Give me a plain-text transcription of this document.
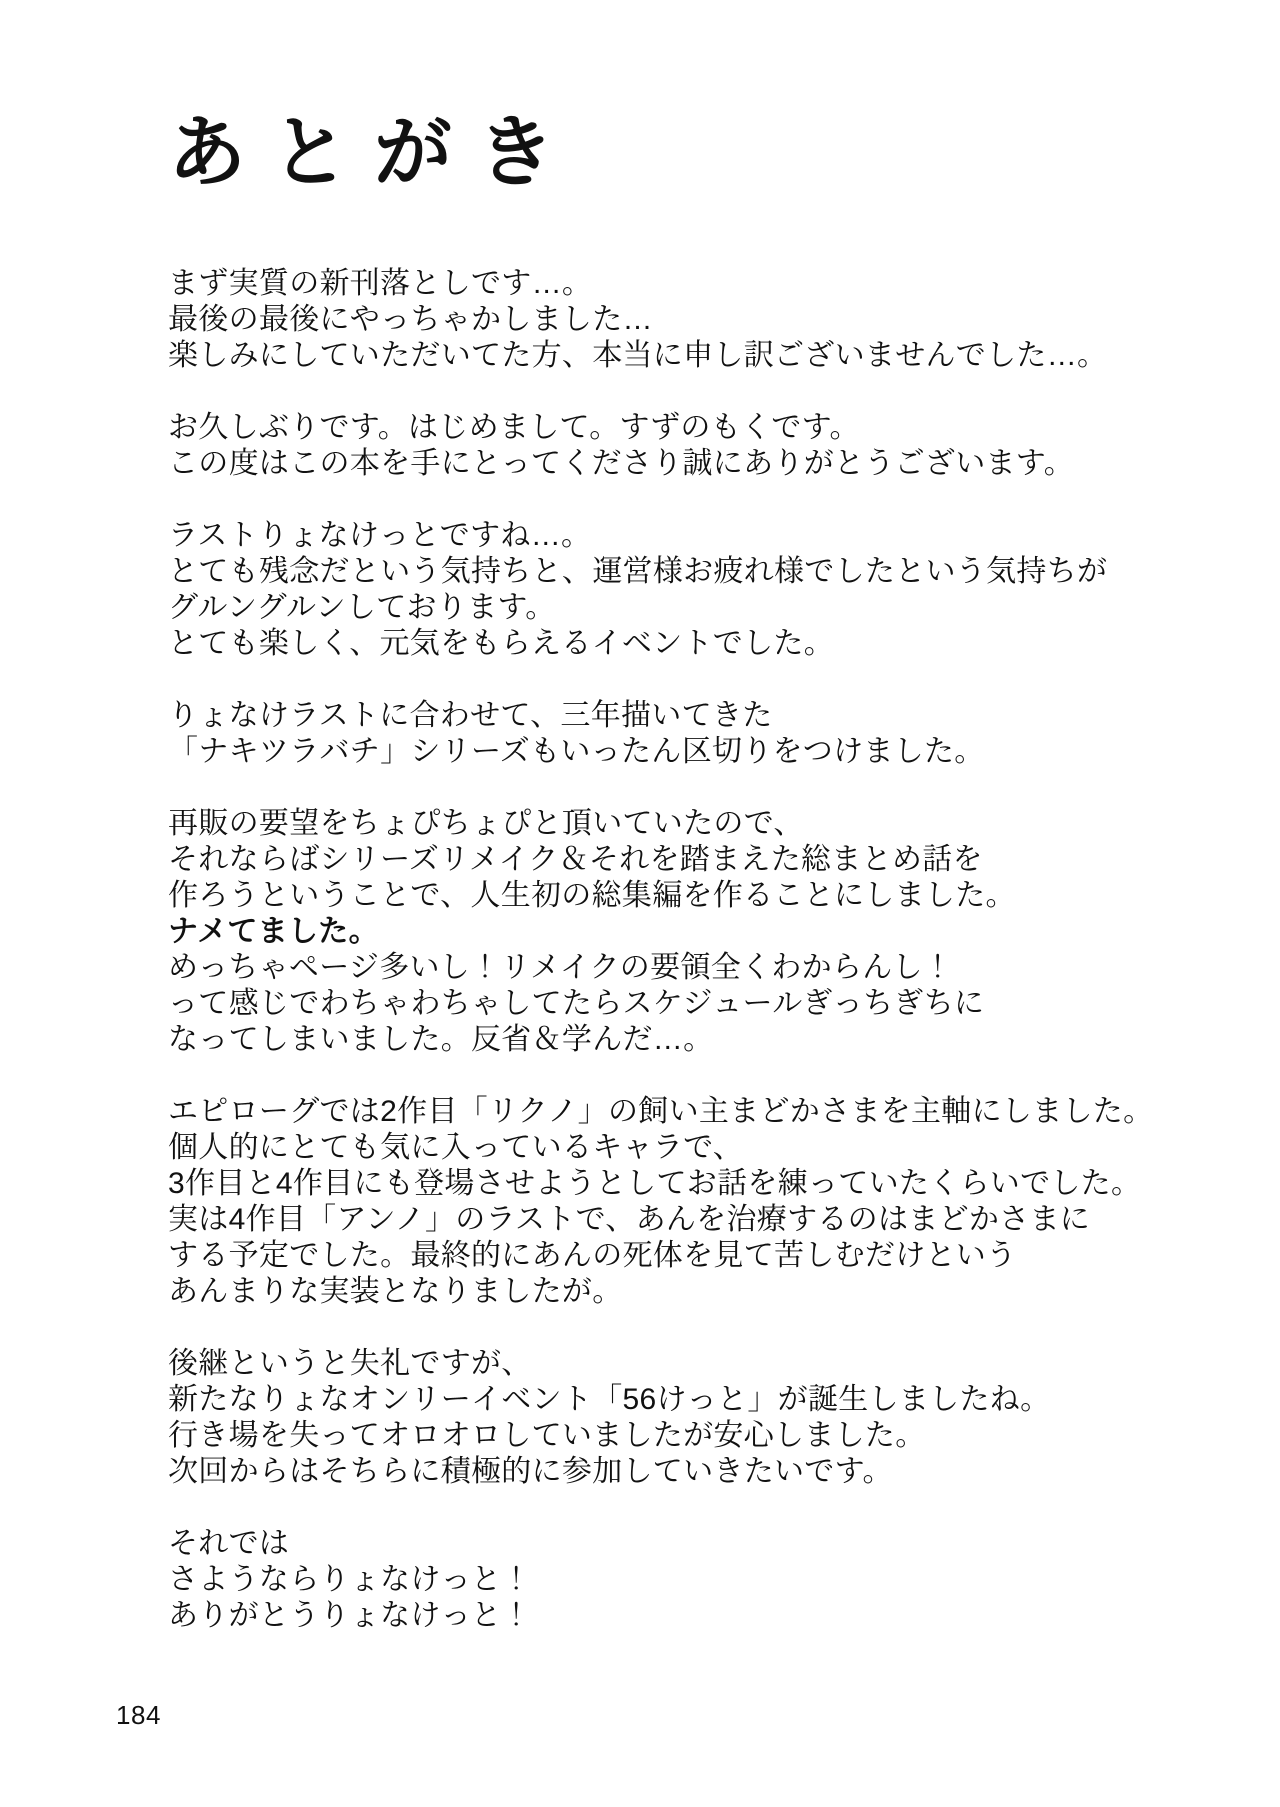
あとがき

まず実質の新刊落としです…。
最後の最後にやっちゃかしました…
楽しみにしていただいてた方、本当に申し訳ございませんでした…。

お久しぶりです。はじめまして。すずのもくです。
この度はこの本を手にとってくださり誠にありがとうございます。

ラストりょなけっとですね…。
とても残念だという気持ちと、運営様お疲れ様でしたという気持ちが
グルングルンしております。
とても楽しく、元気をもらえるイベントでした。

りょなけラストに合わせて、三年描いてきた
「ナキツラバチ」シリーズもいったん区切りをつけました。

再販の要望をちょぴちょぴと頂いていたので、
それならばシリーズリメイク＆それを踏まえた総まとめ話を
作ろうということで、人生初の総集編を作ることにしました。
ナメてました。
めっちゃページ多いし！リメイクの要領全くわからんし！
って感じでわちゃわちゃしてたらスケジュールぎっちぎちに
なってしまいました。反省＆学んだ…。

エピローグでは2作目「リクノ」の飼い主まどかさまを主軸にしました。
個人的にとても気に入っているキャラで、
3作目と4作目にも登場させようとしてお話を練っていたくらいでした。
実は4作目「アンノ」のラストで、あんを治療するのはまどかさまに
する予定でした。最終的にあんの死体を見て苦しむだけという
あんまりな実装となりましたが。

後継というと失礼ですが、
新たなりょなオンリーイベント「56けっと」が誕生しましたね。
行き場を失ってオロオロしていましたが安心しました。
次回からはそちらに積極的に参加していきたいです。

それでは
さようならりょなけっと！
ありがとうりょなけっと！

184
